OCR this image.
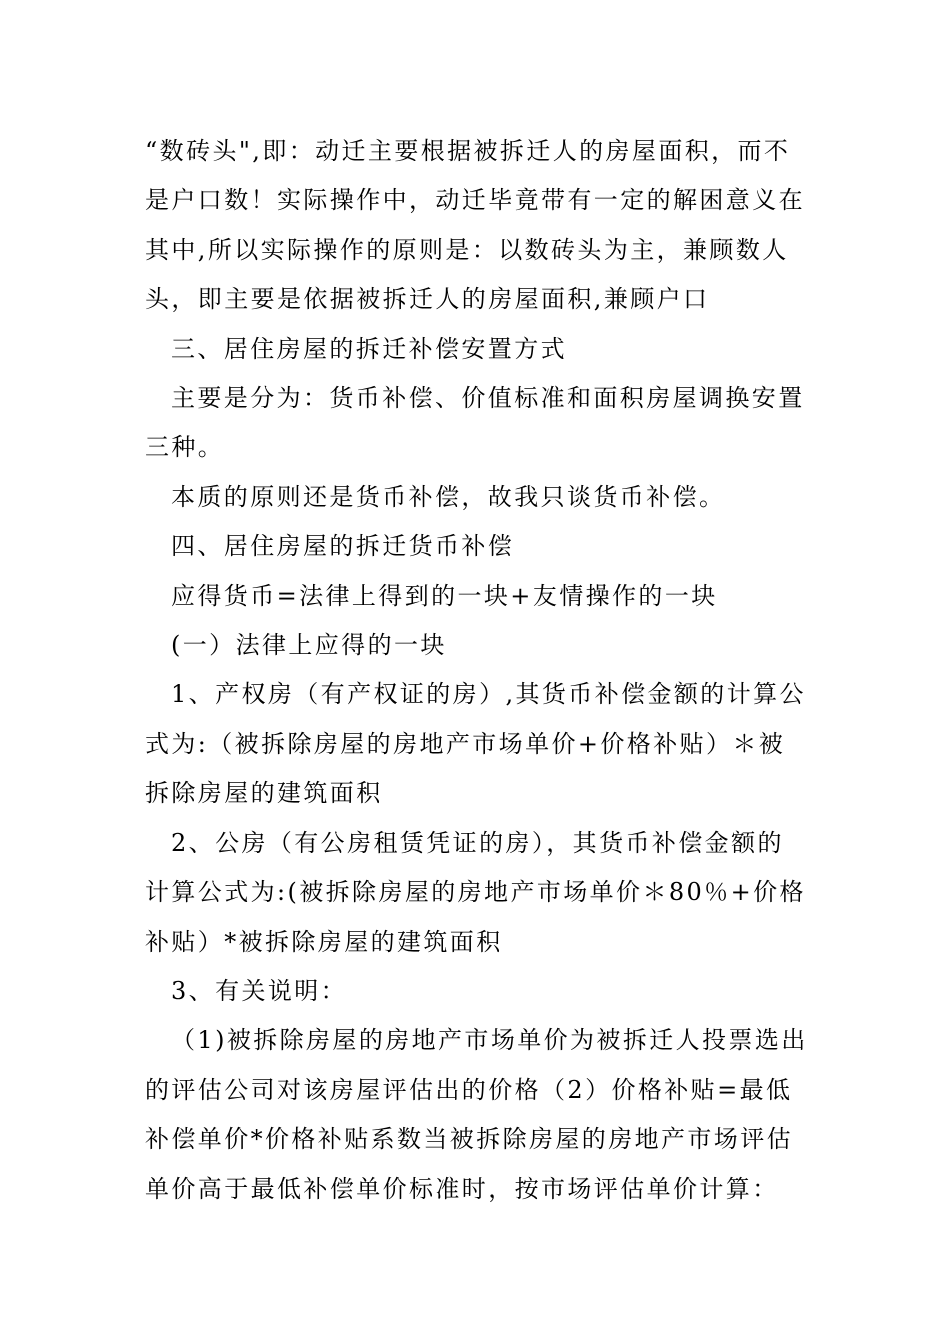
“数砖头",即：动迁主要根据被拆迁人的房屋面积，而不是户口数！实际操作中，动迁毕竟带有一定的解困意义在其中,所以实际操作的原则是：以数砖头为主，兼顾数人头，即主要是依据被拆迁人的房屋面积,兼顾户口

三、居住房屋的拆迁补偿安置方式

主要是分为：货币补偿、价值标准和面积房屋调换安置三种。

本质的原则还是货币补偿，故我只谈货币补偿。

四、居住房屋的拆迁货币补偿

应得货币=法律上得到的一块+友情操作的一块

(一）法律上应得的一块

1、产权房（有产权证的房）,其货币补偿金额的计算公式为:（被拆除房屋的房地产市场单价+价格补贴）＊被拆除房屋的建筑面积

2、公房（有公房租赁凭证的房），其货币补偿金额的计算公式为:(被拆除房屋的房地产市场单价＊80％+价格补贴）*被拆除房屋的建筑面积

3、有关说明：

（1)被拆除房屋的房地产市场单价为被拆迁人投票选出的评估公司对该房屋评估出的价格（2）价格补贴=最低补偿单价*价格补贴系数当被拆除房屋的房地产市场评估单价高于最低补偿单价标准时，按市场评估单价计算：
